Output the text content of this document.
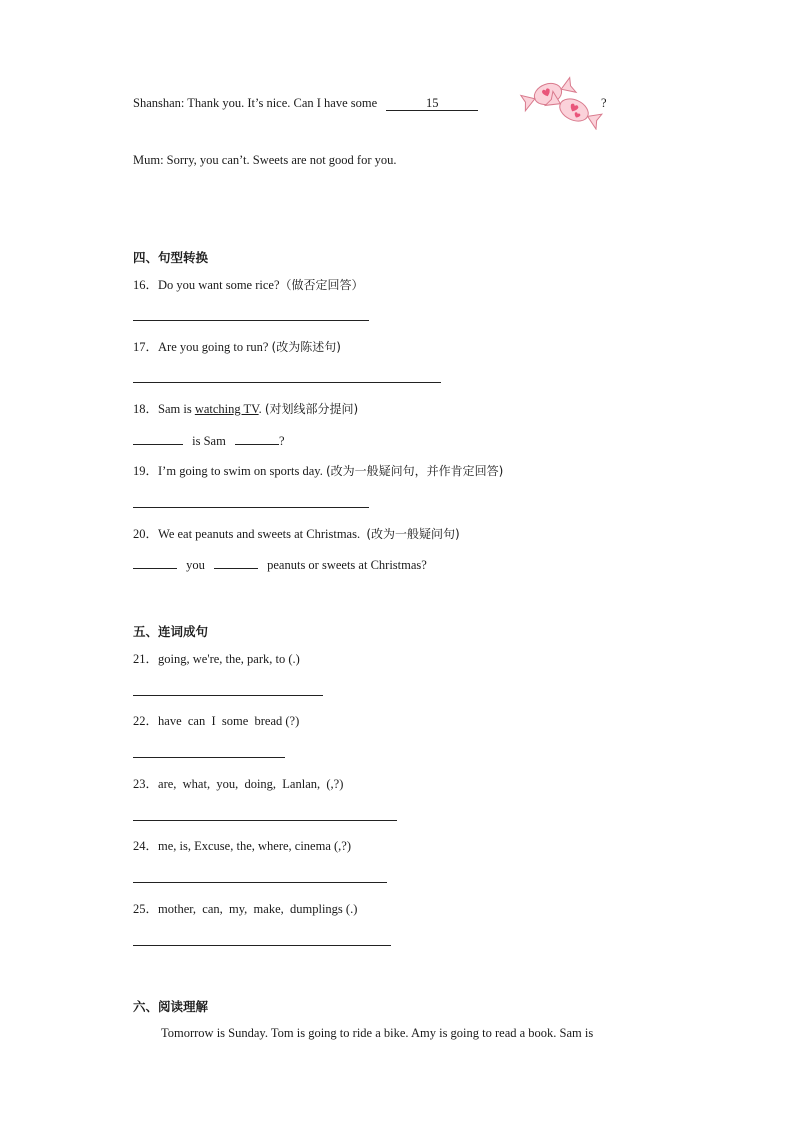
Shanshan: Thank you. It’s nice. Can I have some	15	?
Mum: Sorry, you can’t. Sweets are not good for you.
四、句型转换
16．Do you want some rice?（做否定回答）
17．Are you going to run? (改为陈述句)
18．Sam is watching TV. (对划线部分提问)
is Sam	?
19．I’m going to swim on sports day. (改为一般疑问句，并作肯定回答)
20．We eat peanuts and sweets at Christmas. (改为一般疑问句)
you	peanuts or sweets at Christmas?
五、连词成句
21．going, we're, the, park, to (.)
22．have  can  I  some  bread (?)
23．are,  what,  you,  doing,  Lanlan,  (,?)
24．me, is, Excuse, the, where, cinema (,?)
25．mother,  can,  my,  make,  dumplings (.)
六、阅读理解
Tomorrow is Sunday. Tom is going to ride a bike. Amy is going to read a book. Sam is
